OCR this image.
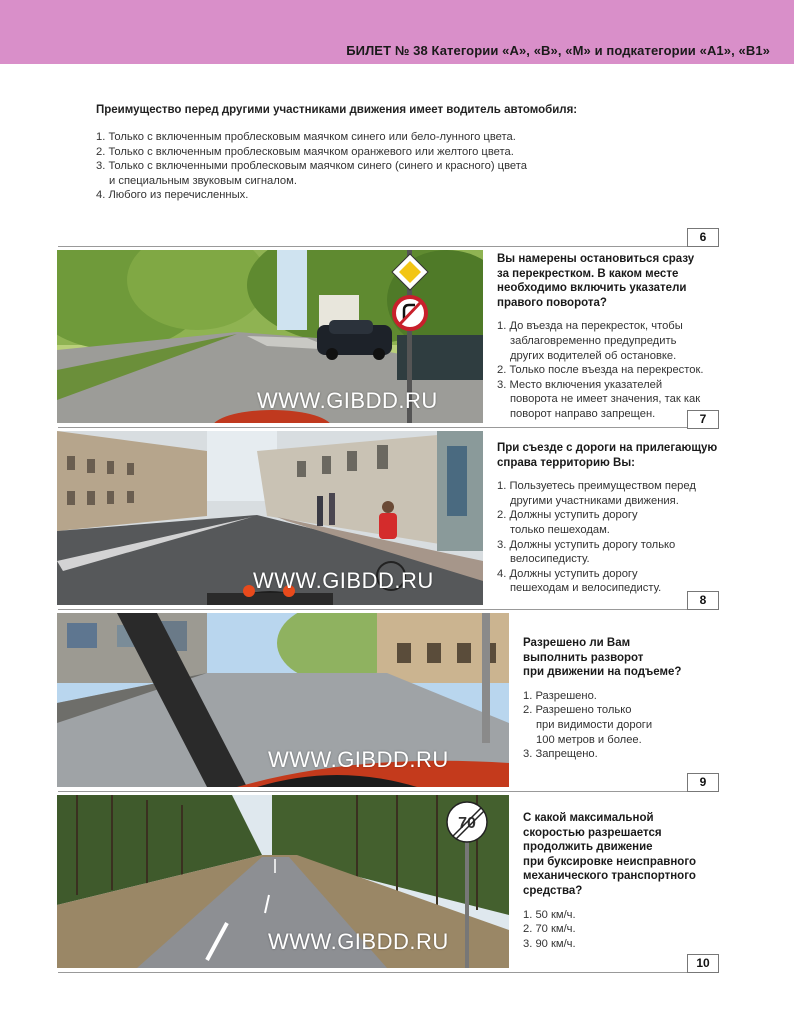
БИЛЕТ № 38 Категории «А», «В», «М» и подкатегории «А1», «В1»
Преимущество перед другими участниками движения имеет водитель автомобиля:
1. Только с включенным проблесковым маячком синего или бело-лунного цвета.
2. Только с включенным проблесковым маячком оранжевого или желтого цвета.
3. Только с включенными проблесковым маячком синего (синего и красного) цвета
и специальным звуковым сигналом.
4. Любого из перечисленных.
6
WWW.GIBDD.RU
Вы намерены остановиться сразу
за перекрестком. В каком месте
необходимо включить указатели
правого поворота?
1. До въезда на перекресток, чтобы
заблаговременно предупредить
других водителей об остановке.
2. Только после въезда на перекресток.
3. Место включения указателей
поворота не имеет значения, так как
поворот направо запрещен.	7
WWW.GIBDD.RU
При съезде с дороги на прилегающую
справа территорию Вы:
1. Пользуетесь преимуществом перед
другими участниками движения.
2. Должны уступить дорогу
только пешеходам.
3. Должны уступить дорогу только
велосипедисту.
4. Должны уступить дорогу
пешеходам и велосипедисту.
8
WWW.GIBDD.RU
Разрешено ли Вам
выполнить разворот
при движении на подъеме?
1. Разрешено.
2. Разрешено только
при видимости дороги
100 метров и более.
3. Запрещено.
9
70
WWW.GIBDD.RU
С какой максимальной
скоростью разрешается
продолжить движение
при буксировке неисправного
механического транспортного
средства?
1. 50 км/ч.
2. 70 км/ч.
3. 90 км/ч.
10
